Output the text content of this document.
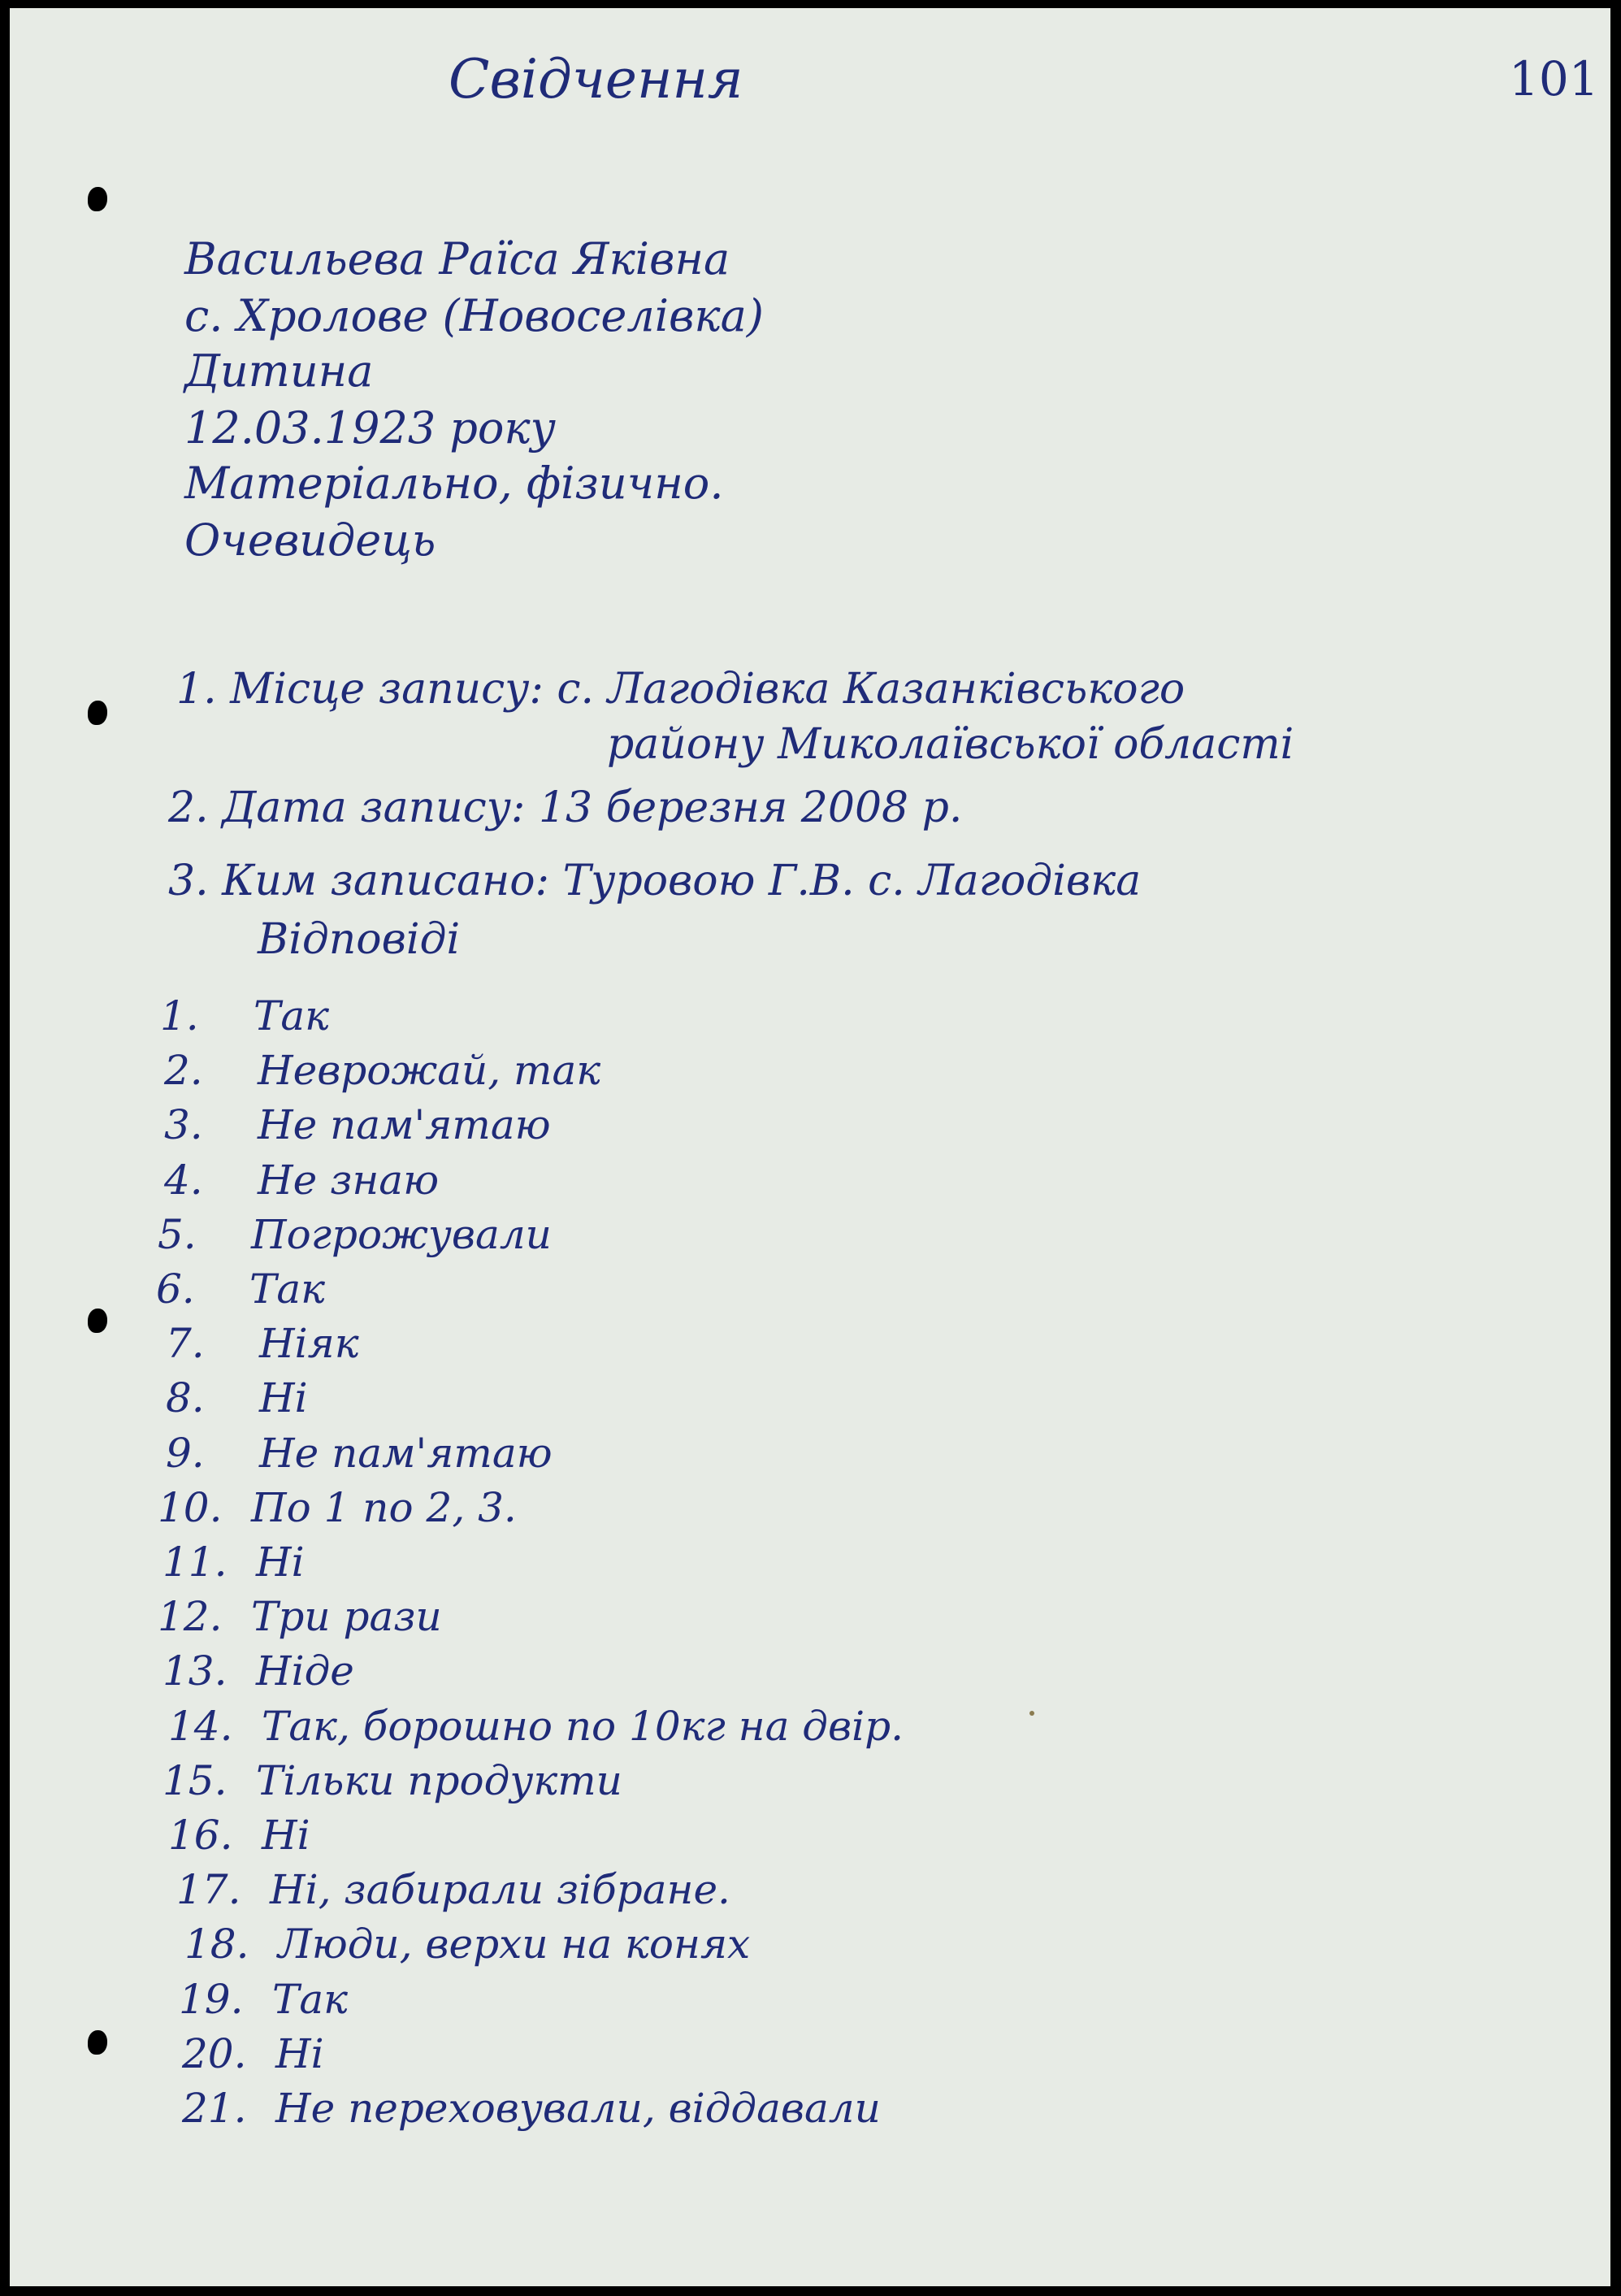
Свідчення	101
Васильева Раїса Яківна
с. Хролове (Новоселівка)
Дитина
12.03.1923 року
Матеріально, фізично.
Очевидець
1. Місце запису: с. Лагодівка Казанківського
району Миколаївської області
2. Дата запису: 13 березня 2008 р.
3. Ким записано: Туровою Г.В. с. Лагодівка
Відповіді
1. Так
2. Неврожай, так
3. Не пам'ятаю
4. Не знаю
5. Погрожували
6. Так
7. Ніяк
8. Ні
9. Не пам'ятаю
10. По 1 по 2, 3.
11. Ні
12. Три рази
13. Ніде
14. Так, борошно по 10кг на двір.
15. Тільки продукти
16. Ні
17. Ні, забирали зібране.
18. Люди, верхи на конях
19. Так
20. Ні
21. Не переховували, віддавали
